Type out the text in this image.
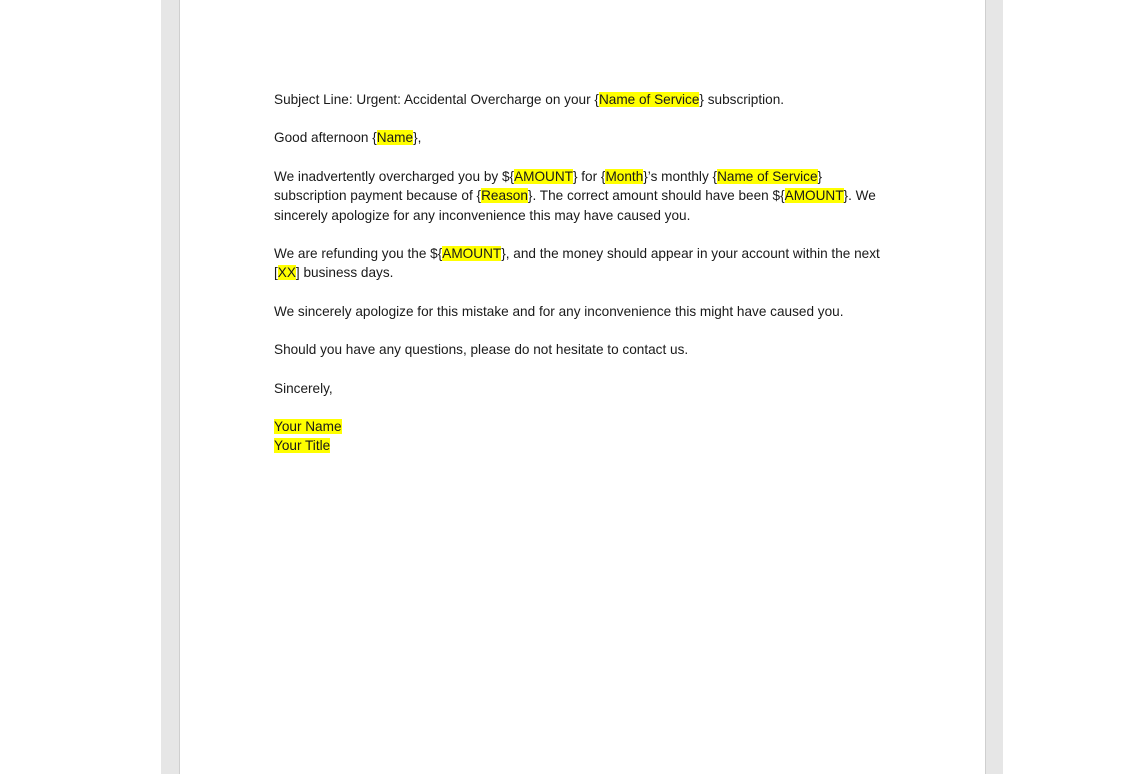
Subject Line: Urgent: Accidental Overcharge on your {Name of Service} subscription.

Good afternoon {Name},

We inadvertently overcharged you by ${AMOUNT} for {Month}’s monthly {Name of Service} subscription payment because of {Reason}. The correct amount should have been ${AMOUNT}. We sincerely apologize for any inconvenience this may have caused you.

We are refunding you the ${AMOUNT}, and the money should appear in your account within the next [XX] business days.

We sincerely apologize for this mistake and for any inconvenience this might have caused you.

Should you have any questions, please do not hesitate to contact us.

Sincerely,

Your Name
Your Title
